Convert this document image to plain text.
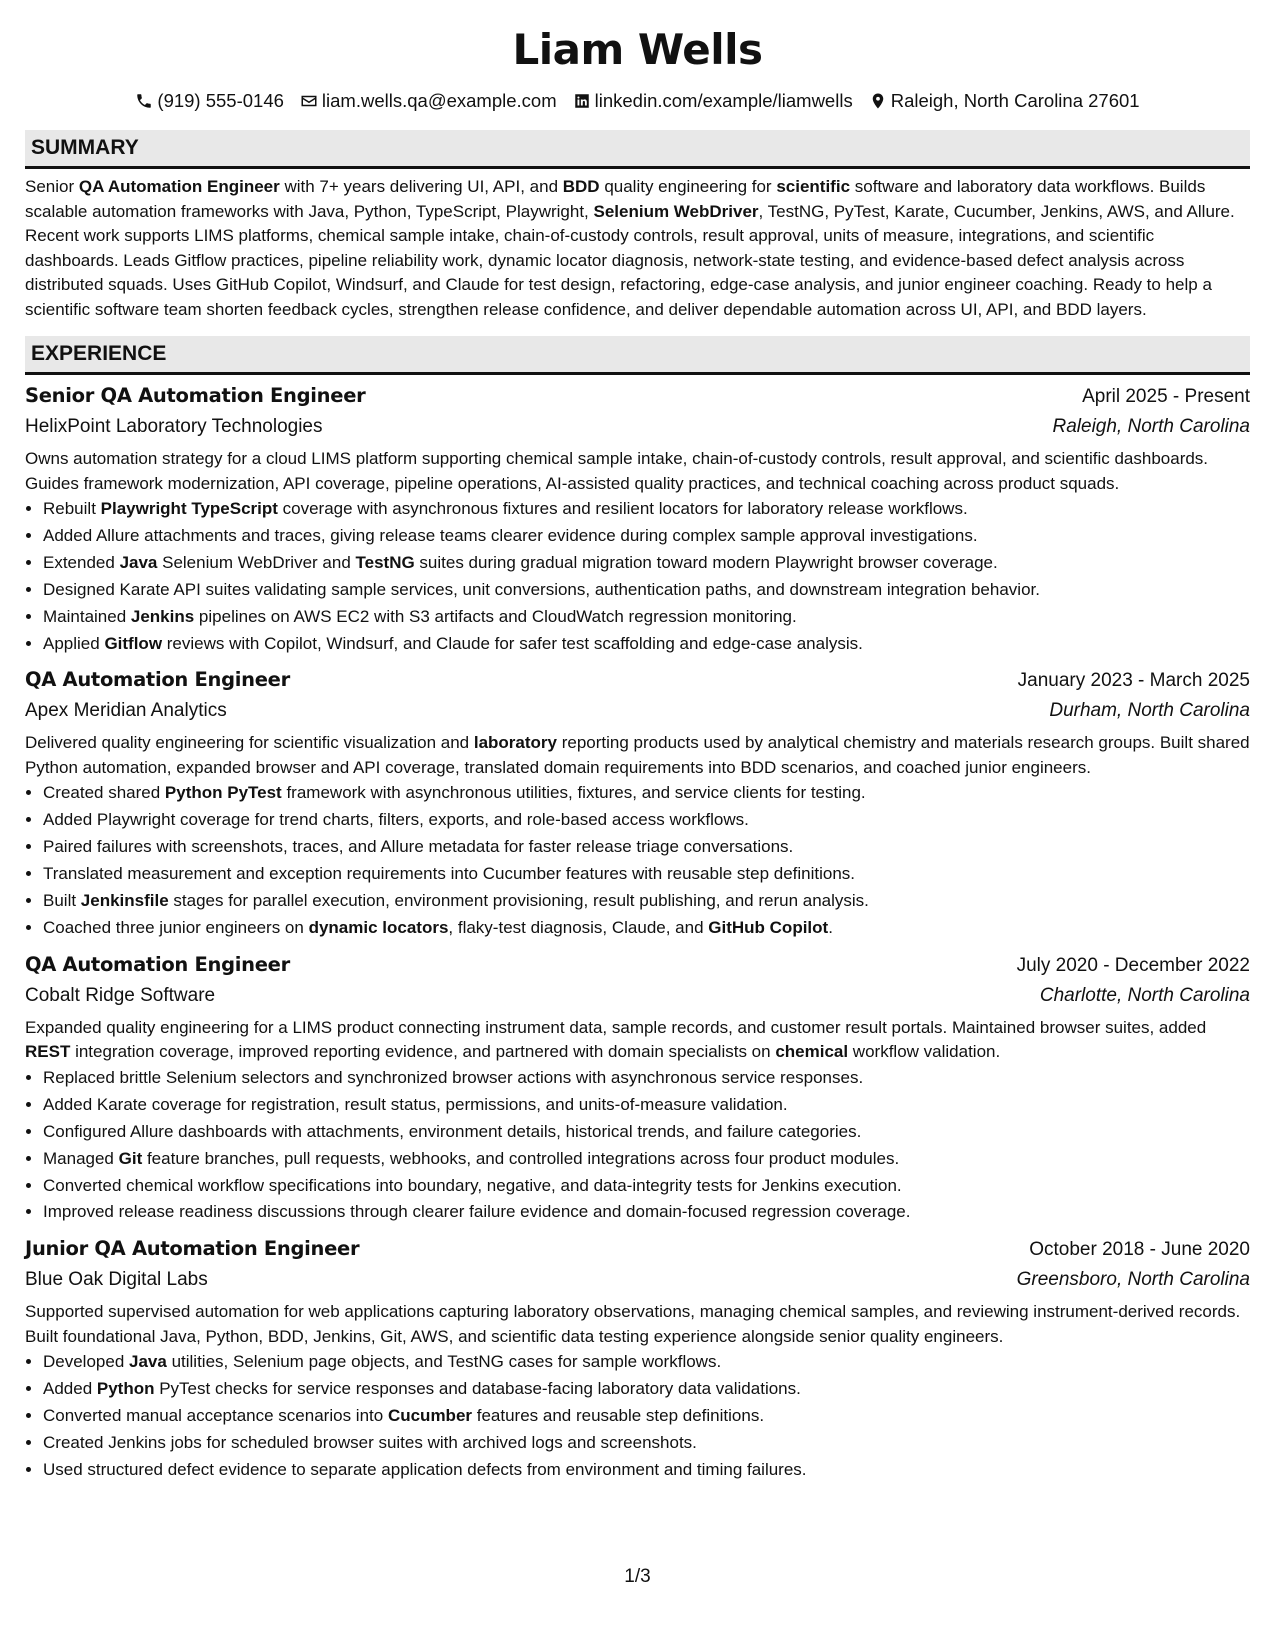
Liam Wells
(919) 555-0146 liam.wells.qa@example.com linkedin.com/example/liamwells Raleigh, North Carolina 27601
SUMMARY
Senior QA Automation Engineer with 7+ years delivering UI, API, and BDD quality engineering for scientific software and laboratory data workflows. Builds scalable automation frameworks with Java, Python, TypeScript, Playwright, Selenium WebDriver, TestNG, PyTest, Karate, Cucumber, Jenkins, AWS, and Allure. Recent work supports LIMS platforms, chemical sample intake, chain-of-custody controls, result approval, units of measure, integrations, and scientific dashboards. Leads Gitflow practices, pipeline reliability work, dynamic locator diagnosis, network-state testing, and evidence-based defect analysis across distributed squads. Uses GitHub Copilot, Windsurf, and Claude for test design, refactoring, edge-case analysis, and junior engineer coaching. Ready to help a scientific software team shorten feedback cycles, strengthen release confidence, and deliver dependable automation across UI, API, and BDD layers.
EXPERIENCE
Senior QA Automation Engineer	April 2025 - Present
HelixPoint Laboratory Technologies	Raleigh, North Carolina
Owns automation strategy for a cloud LIMS platform supporting chemical sample intake, chain-of-custody controls, result approval, and scientific dashboards. Guides framework modernization, API coverage, pipeline operations, AI-assisted quality practices, and technical coaching across product squads.
• Rebuilt Playwright TypeScript coverage with asynchronous fixtures and resilient locators for laboratory release workflows.
• Added Allure attachments and traces, giving release teams clearer evidence during complex sample approval investigations.
• Extended Java Selenium WebDriver and TestNG suites during gradual migration toward modern Playwright browser coverage.
• Designed Karate API suites validating sample services, unit conversions, authentication paths, and downstream integration behavior.
• Maintained Jenkins pipelines on AWS EC2 with S3 artifacts and CloudWatch regression monitoring.
• Applied Gitflow reviews with Copilot, Windsurf, and Claude for safer test scaffolding and edge-case analysis.
QA Automation Engineer	January 2023 - March 2025
Apex Meridian Analytics	Durham, North Carolina
Delivered quality engineering for scientific visualization and laboratory reporting products used by analytical chemistry and materials research groups. Built shared Python automation, expanded browser and API coverage, translated domain requirements into BDD scenarios, and coached junior engineers.
• Created shared Python PyTest framework with asynchronous utilities, fixtures, and service clients for testing.
• Added Playwright coverage for trend charts, filters, exports, and role-based access workflows.
• Paired failures with screenshots, traces, and Allure metadata for faster release triage conversations.
• Translated measurement and exception requirements into Cucumber features with reusable step definitions.
• Built Jenkinsfile stages for parallel execution, environment provisioning, result publishing, and rerun analysis.
• Coached three junior engineers on dynamic locators, flaky-test diagnosis, Claude, and GitHub Copilot.
QA Automation Engineer	July 2020 - December 2022
Cobalt Ridge Software	Charlotte, North Carolina
Expanded quality engineering for a LIMS product connecting instrument data, sample records, and customer result portals. Maintained browser suites, added REST integration coverage, improved reporting evidence, and partnered with domain specialists on chemical workflow validation.
• Replaced brittle Selenium selectors and synchronized browser actions with asynchronous service responses.
• Added Karate coverage for registration, result status, permissions, and units-of-measure validation.
• Configured Allure dashboards with attachments, environment details, historical trends, and failure categories.
• Managed Git feature branches, pull requests, webhooks, and controlled integrations across four product modules.
• Converted chemical workflow specifications into boundary, negative, and data-integrity tests for Jenkins execution.
• Improved release readiness discussions through clearer failure evidence and domain-focused regression coverage.
Junior QA Automation Engineer	October 2018 - June 2020
Blue Oak Digital Labs	Greensboro, North Carolina
Supported supervised automation for web applications capturing laboratory observations, managing chemical samples, and reviewing instrument-derived records. Built foundational Java, Python, BDD, Jenkins, Git, AWS, and scientific data testing experience alongside senior quality engineers.
• Developed Java utilities, Selenium page objects, and TestNG cases for sample workflows.
• Added Python PyTest checks for service responses and database-facing laboratory data validations.
• Converted manual acceptance scenarios into Cucumber features and reusable step definitions.
• Created Jenkins jobs for scheduled browser suites with archived logs and screenshots.
• Used structured defect evidence to separate application defects from environment and timing failures.
1/3
